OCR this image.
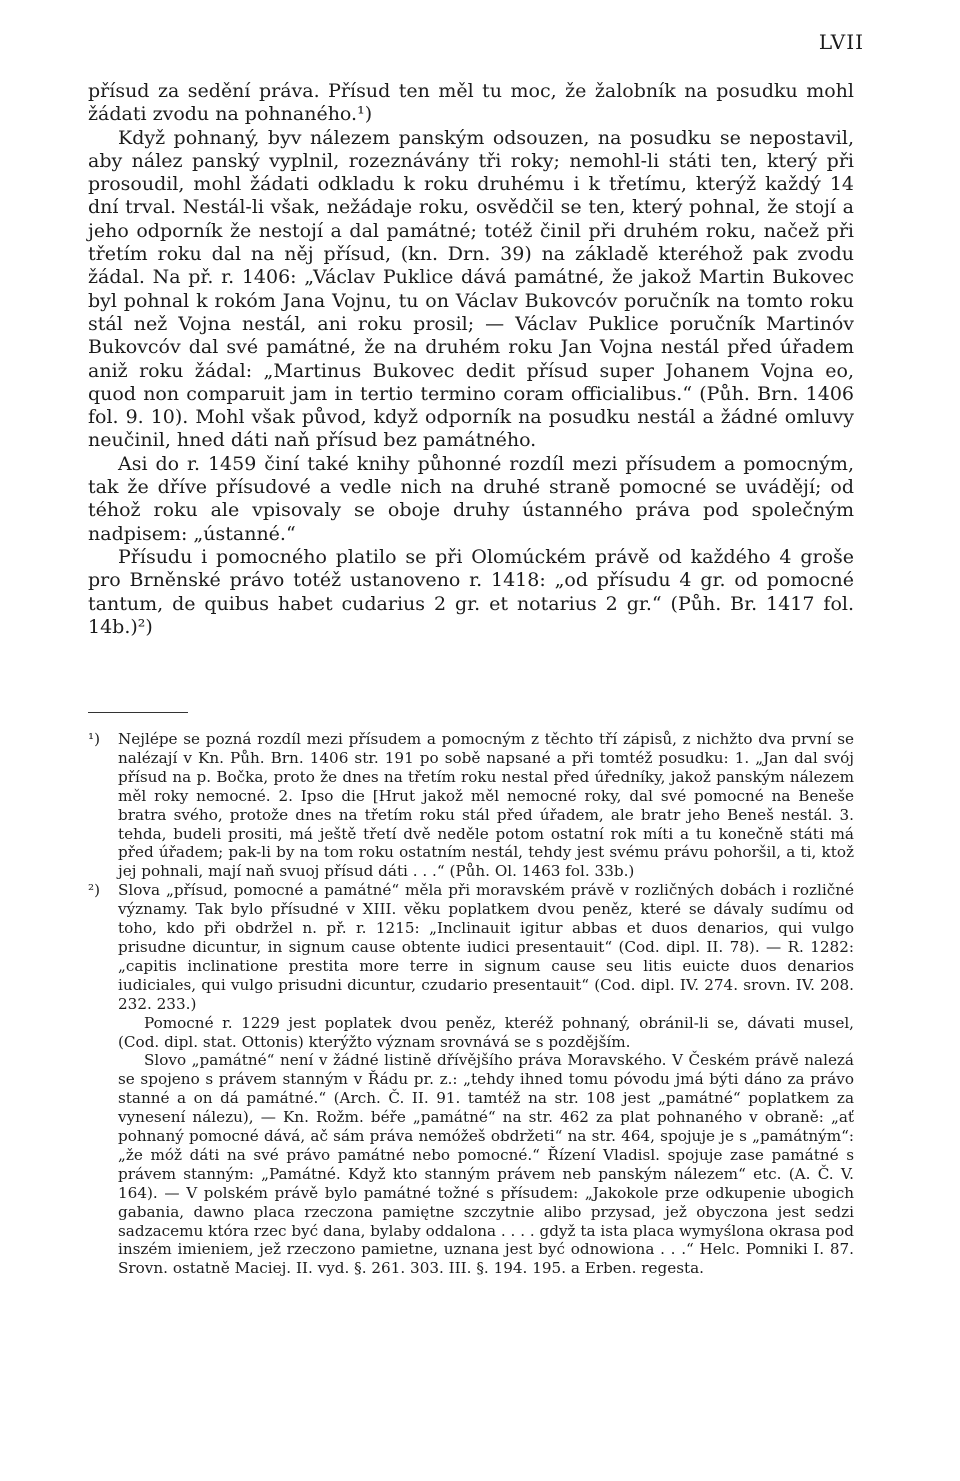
LVII

přísud za sedění práva. Přísud ten měl tu moc, že žalobník na posudku mohl žádati zvodu na pohnaného.¹)

Když pohnaný, byv nálezem panským odsouzen, na posudku se nepostavil, aby nález panský vyplnil, rozeznávány tři roky; nemohl-li státi ten, který při prosoudil, mohl žádati odkladu k roku druhému i k třetímu, kterýž každý 14 dní trval. Nestál-li však, nežádaje roku, osvědčil se ten, který pohnal, že stojí a jeho odporník že nestojí a dal památné; totéž činil při druhém roku, načež při třetím roku dal na něj přísud, (kn. Drn. 39) na základě kteréhož pak zvodu žádal. Na př. r. 1406: „Václav Puklice dává památné, že jakož Martin Bukovec byl pohnal k rokóm Jana Vojnu, tu on Václav Bukovcóv poručník na tomto roku stál než Vojna nestál, ani roku prosil; — Václav Puklice poručník Martinóv Bukovcóv dal své památné, že na druhém roku Jan Vojna nestál před úřadem aniž roku žádal: „Martinus Bukovec dedit přísud super Johanem Vojna eo, quod non comparuit jam in tertio termino coram officialibus.“ (Půh. Brn. 1406 fol. 9. 10). Mohl však původ, když odporník na posudku nestál a žádné omluvy neučinil, hned dáti naň přísud bez památného.

Asi do r. 1459 činí také knihy půhonné rozdíl mezi přísudem a pomocným, tak že dříve přísudové a vedle nich na druhé straně pomocné se uvádějí; od téhož roku ale vpisovaly se oboje druhy ústanného práva pod společným nadpisem: „ústanné.“

Přísudu i pomocného platilo se při Olomúckém právě od každého 4 groše pro Brněnské právo totéž ustanoveno r. 1418: „od přísudu 4 gr. od pomocné tantum, de quibus habet cudarius 2 gr. et notarius 2 gr.“ (Půh. Br. 1417 fol. 14b.)²)

¹) Nejlépe se pozná rozdíl mezi přísudem a pomocným z těchto tří zápisů, z nichžto dva první se nalézají v Kn. Půh. Brn. 1406 str. 191 po sobě napsané a při tomtéž posudku: 1. „Jan dal svój přísud na p. Bočka, proto že dnes na třetím roku nestal před úředníky, jakož panským nálezem měl roky nemocné. 2. Ipso die [Hrut jakož měl nemocné roky, dal své pomocné na Beneše bratra svého, protože dnes na třetím roku stál před úřadem, ale bratr jeho Beneš nestál. 3. tehda, budeli prositi, má ještě třetí dvě neděle potom ostatní rok míti a tu konečně státi má před úřadem; pak-li by na tom roku ostatním nestál, tehdy jest svému právu pohoršil, a ti, ktož jej pohnali, mají naň svuoj přísud dáti . . .“ (Půh. Ol. 1463 fol. 33b.)

²) Slova „přísud, pomocné a památné“ měla při moravském právě v rozličných dobách i rozličné významy. Tak bylo přísudné v XIII. věku poplatkem dvou peněz, které se dávaly sudímu od toho, kdo při obdržel n. př. r. 1215: „Inclinauit igitur abbas et duos denarios, qui vulgo prisudne dicuntur, in signum cause obtente iudici presentauit“ (Cod. dipl. II. 78). — R. 1282: „capitis inclinatione prestita more terre in signum cause seu litis euicte duos denarios iudiciales, qui vulgo prisudni dicuntur, czudario presentauit“ (Cod. dipl. IV. 274. srovn. IV. 208. 232. 233.)

Pomocné r. 1229 jest poplatek dvou peněz, kteréž pohnaný, obránil-li se, dávati musel, (Cod. dipl. stat. Ottonis) kterýžto význam srovnává se s pozdějším.

Slovo „památné“ není v žádné listině dřívějšího práva Moravského. V Českém právě nalezá se spojeno s právem stanným v Řádu pr. z.: „tehdy ihned tomu póvodu jmá býti dáno za právo stanné a on dá památné.“ (Arch. Č. II. 91. tamtéž na str. 108 jest „památné“ poplatkem za vynesení nálezu), — Kn. Rožm. béře „památné“ na str. 462 za plat pohnaného v obraně: „ať pohnaný pomocné dává, ač sám práva nemóžeš obdržeti“ na str. 464, spojuje je s „památným“: „že móž dáti na své právo památné nebo pomocné.“ Řízení Vladisl. spojuje zase památné s právem stanným: „Památné. Když kto stanným právem neb panským nálezem“ etc. (A. Č. V. 164). — V polském právě bylo památné tožné s přísudem: „Jakokole prze odkupenie ubogich gabania, dawno placa rzeczona pamiętne szczytnie alibo przysad, jež obyczona jest sedzi sadzacemu która rzec być dana, bylaby oddalona . . . . gdyž ta ista placa wymyślona okrasa pod inszém imieniem, jež rzeczono pamietne, uznana jest być odnowiona . . .“ Helc. Pomniki I. 87. Srovn. ostatně Maciej. II. vyd. §. 261. 303. III. §. 194. 195. a Erben. regesta.
